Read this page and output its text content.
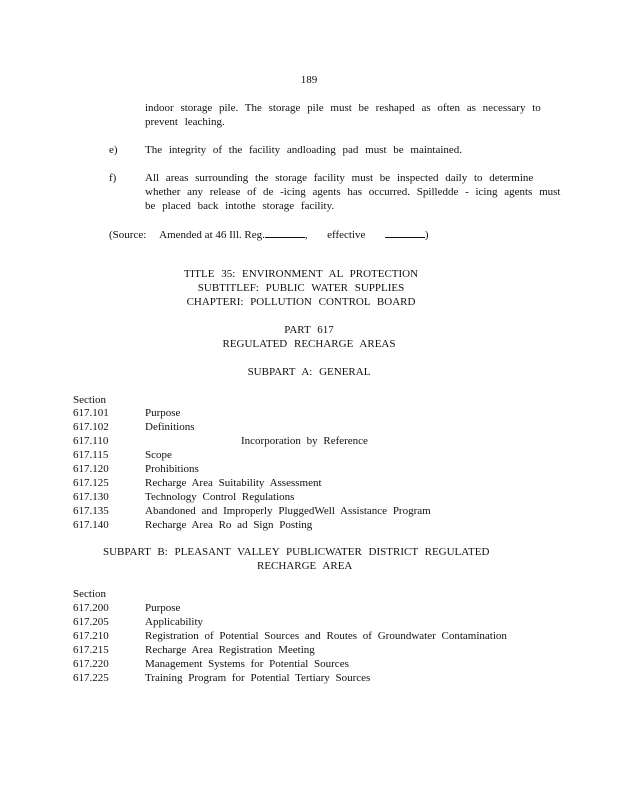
189
indoor storage pile. The storage pile must be reshaped as often as necessary to
prevent leaching.
e) The integrity of the facility andloading pad must be maintained.
f)	All areas surrounding the storage facility must be inspected daily to determine
whether any release of de -icing agents has occurred. Spilledde - icing agents must
be placed back intothe storage facility.
(Source: Amended at 46 Ill. Reg.	, effective	)
TITLE 35: ENVIRONMENT AL PROTECTION
SUBTITLEF: PUBLIC WATER SUPPLIES
CHAPTERI: POLLUTION CONTROL BOARD
PART 617
REGULATED RECHARGE AREAS
SUBPART A: GENERAL
Section
617.101	Purpose
617.102	Definitions
617.110	Incorporation by Reference
617.115	Scope
617.120	Prohibitions
617.125	Recharge Area Suitability Assessment
617.130	Technology Control Regulations
617.135	Abandoned and Improperly PluggedWell Assistance Program
617.140	Recharge Area Ro ad Sign Posting
SUBPART B: PLEASANT VALLEY PUBLICWATER DISTRICT REGULATED
RECHARGE AREA
Section
617.200	Purpose
617.205	Applicability
617.210	Registration of Potential Sources and Routes of Groundwater Contamination
617.215	Recharge Area Registration Meeting
617.220	Management Systems for Potential Sources
617.225	Training Program for Potential Tertiary Sources
